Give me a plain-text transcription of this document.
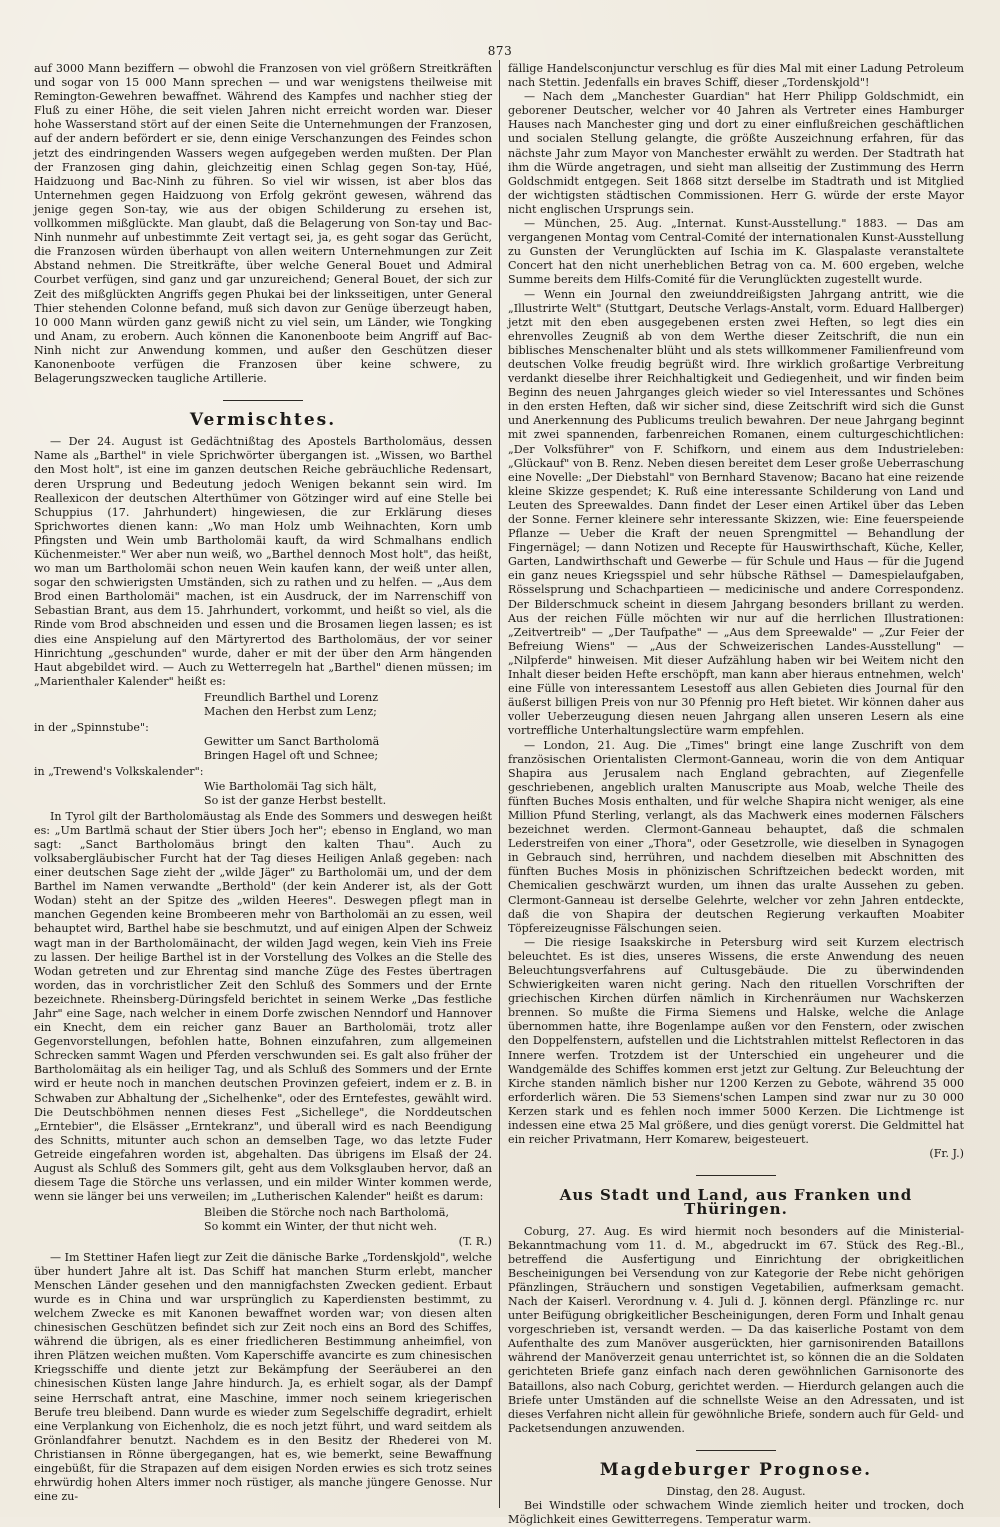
873

auf 3000 Mann beziffern — obwohl die Franzosen von viel größern Streitkräften und sogar von 15 000 Mann sprechen — und war wenigstens theilweise mit Remington-Gewehren bewaffnet. Während des Kampfes und nachher stieg der Fluß zu einer Höhe, die seit vielen Jahren nicht erreicht worden war. Dieser hohe Wasserstand stört auf der einen Seite die Unternehmungen der Franzosen, auf der andern befördert er sie, denn einige Verschanzungen des Feindes schon jetzt des eindringenden Wassers wegen aufgegeben werden mußten. Der Plan der Franzosen ging dahin, gleichzeitig einen Schlag gegen Son-tay, Hüé, Haidzuong und Bac-Ninh zu führen. So viel wir wissen, ist aber blos das Unternehmen gegen Haidzuong von Erfolg gekrönt gewesen, während das jenige gegen Son-tay, wie aus der obigen Schilderung zu ersehen ist, vollkommen mißglückte. Man glaubt, daß die Belagerung von Son-tay und Bac-Ninh nunmehr auf unbestimmte Zeit vertagt sei, ja, es geht sogar das Gerücht, die Franzosen würden überhaupt von allen weitern Unternehmungen zur Zeit Abstand nehmen. Die Streitkräfte, über welche General Bouet und Admiral Courbet verfügen, sind ganz und gar unzureichend; General Bouet, der sich zur Zeit des mißglückten Angriffs gegen Phukai bei der linksseitigen, unter General Thier stehenden Colonne befand, muß sich davon zur Genüge überzeugt haben, 10 000 Mann würden ganz gewiß nicht zu viel sein, um Länder, wie Tongking und Anam, zu erobern. Auch können die Kanonenboote beim Angriff auf Bac-Ninh nicht zur Anwendung kommen, und außer den Geschützen dieser Kanonenboote verfügen die Franzosen über keine schwere, zu Belagerungszwecken taugliche Artillerie.

Vermischtes.

— Der 24. August ist Gedächtnißtag des Apostels Bartholomäus, dessen Name als „Barthel" in viele Sprichwörter übergangen ist. „Wissen, wo Barthel den Most holt", ist eine im ganzen deutschen Reiche gebräuchliche Redensart, deren Ursprung und Bedeutung jedoch Wenigen bekannt sein wird. Im Reallexicon der deutschen Alterthümer von Götzinger wird auf eine Stelle bei Schuppius (17. Jahrhundert) hingewiesen, die zur Erklärung dieses Sprichwortes dienen kann: „Wo man Holz umb Weihnachten, Korn umb Pfingsten und Wein umb Bartholomäi kauft, da wird Schmalhans endlich Küchenmeister." Wer aber nun weiß, wo „Barthel dennoch Most holt", das heißt, wo man um Bartholomäi schon neuen Wein kaufen kann, der weiß unter allen, sogar den schwierigsten Umständen, sich zu rathen und zu helfen. — „Aus dem Brod einen Bartholomäi" machen, ist ein Ausdruck, der im Narrenschiff von Sebastian Brant, aus dem 15. Jahrhundert, vorkommt, und heißt so viel, als die Rinde vom Brod abschneiden und essen und die Brosamen liegen lassen; es ist dies eine Anspielung auf den Märtyrertod des Bartholomäus, der vor seiner Hinrichtung „geschunden" wurde, daher er mit der über den Arm hängenden Haut abgebildet wird. — Auch zu Wetterregeln hat „Barthel" dienen müssen; im „Marienthaler Kalender" heißt es:

Freundlich Barthel und Lorenz
Machen den Herbst zum Lenz;
in der „Spinnstube":
Gewitter um Sanct Bartholomä
Bringen Hagel oft und Schnee;
in „Trewend's Volkskalender":
Wie Bartholomäi Tag sich hält,
So ist der ganze Herbst bestellt.

In Tyrol gilt der Bartholomäustag als Ende des Sommers und deswegen heißt es: „Um Bartlmä schaut der Stier übers Joch her"; ebenso in England, wo man sagt: „Sanct Bartholomäus bringt den kalten Thau". Auch zu volksabergläubischer Furcht hat der Tag dieses Heiligen Anlaß gegeben: nach einer deutschen Sage zieht der „wilde Jäger" zu Bartholomäi um, und der dem Barthel im Namen verwandte „Berthold" (der kein Anderer ist, als der Gott Wodan) steht an der Spitze des „wilden Heeres". Deswegen pflegt man in manchen Gegenden keine Brombeeren mehr von Bartholomäi an zu essen, weil behauptet wird, Barthel habe sie beschmutzt, und auf einigen Alpen der Schweiz wagt man in der Bartholomäinacht, der wilden Jagd wegen, kein Vieh ins Freie zu lassen. Der heilige Barthel ist in der Vorstellung des Volkes an die Stelle des Wodan getreten und zur Ehrentag sind manche Züge des Festes übertragen worden, das in vorchristlicher Zeit den Schluß des Sommers und der Ernte bezeichnete. Rheinsberg-Düringsfeld berichtet in seinem Werke „Das festliche Jahr" eine Sage, nach welcher in einem Dorfe zwischen Nenndorf und Hannover ein Knecht, dem ein reicher ganz Bauer an Bartholomäi, trotz aller Gegenvorstellungen, befohlen hatte, Bohnen einzufahren, zum allgemeinen Schrecken sammt Wagen und Pferden verschwunden sei. Es galt also früher der Bartholomäitag als ein heiliger Tag, und als Schluß des Sommers und der Ernte wird er heute noch in manchen deutschen Provinzen gefeiert, indem er z. B. in Schwaben zur Abhaltung der „Sichelhenke", oder des Erntefestes, gewählt wird. Die Deutschböhmen nennen dieses Fest „Sichellege", die Norddeutschen „Erntebier", die Elsässer „Erntekranz", und überall wird es nach Beendigung des Schnitts, mitunter auch schon an demselben Tage, wo das letzte Fuder Getreide eingefahren worden ist, abgehalten. Das übrigens im Elsaß der 24. August als Schluß des Sommers gilt, geht aus dem Volksglauben hervor, daß an diesem Tage die Störche uns verlassen, und ein milder Winter kommen werde, wenn sie länger bei uns verweilen; im „Lutherischen Kalender" heißt es darum:

Bleiben die Störche noch nach Bartholomä,
So kommt ein Winter, der thut nicht weh.
(T. R.)

— Im Stettiner Hafen liegt zur Zeit die dänische Barke „Tordenskjold", welche über hundert Jahre alt ist. Das Schiff hat manchen Sturm erlebt, mancher Menschen Länder gesehen und den mannigfachsten Zwecken gedient. Erbaut wurde es in China und war ursprünglich zu Kaperdiensten bestimmt, zu welchem Zwecke es mit Kanonen bewaffnet worden war; von diesen alten chinesischen Geschützen befindet sich zur Zeit noch eins an Bord des Schiffes, während die übrigen, als es einer friedlicheren Bestimmung anheimfiel, von ihren Plätzen weichen mußten. Vom Kaperschiffe avancirte es zum chinesischen Kriegsschiffe und diente jetzt zur Bekämpfung der Seeräuberei an den chinesischen Küsten lange Jahre hindurch. Ja, es erhielt sogar, als der Dampf seine Herrschaft antrat, eine Maschine, immer noch seinem kriegerischen Berufe treu bleibend. Dann wurde es wieder zum Segelschiffe degradirt, erhielt eine Verplankung von Eichenholz, die es noch jetzt führt, und ward seitdem als Grönlandfahrer benutzt. Nachdem es in den Besitz der Rhederei von M. Christiansen in Rönne übergegangen, hat es, wie bemerkt, seine Bewaffnung eingebüßt, für die Strapazen auf dem eisigen Norden erwies es sich trotz seines ehrwürdig hohen Alters immer noch rüstiger, als manche jüngere Genosse. Nur eine zu-

fällige Handelsconjunctur verschlug es für dies Mal mit einer Ladung Petroleum nach Stettin. Jedenfalls ein braves Schiff, dieser „Tordenskjold"!

— Nach dem „Manchester Guardian" hat Herr Philipp Goldschmidt, ein geborener Deutscher, welcher vor 40 Jahren als Vertreter eines Hamburger Hauses nach Manchester ging und dort zu einer einflußreichen geschäftlichen und socialen Stellung gelangte, die größte Auszeichnung erfahren, für das nächste Jahr zum Mayor von Manchester erwählt zu werden. Der Stadtrath hat ihm die Würde angetragen, und sieht man allseitig der Zustimmung des Herrn Goldschmidt entgegen. Seit 1868 sitzt derselbe im Stadtrath und ist Mitglied der wichtigsten städtischen Commissionen. Herr G. würde der erste Mayor nicht englischen Ursprungs sein.

— München, 25. Aug. „Internat. Kunst-Ausstellung." 1883. — Das am vergangenen Montag vom Central-Comité der internationalen Kunst-Ausstellung zu Gunsten der Verunglückten auf Ischia im K. Glaspalaste veranstaltete Concert hat den nicht unerheblichen Betrag von ca. M. 600 ergeben, welche Summe bereits dem Hilfs-Comité für die Verunglückten zugestellt wurde.

— Wenn ein Journal den zweiunddreißigsten Jahrgang antritt, wie die „Illustrirte Welt" (Stuttgart, Deutsche Verlags-Anstalt, vorm. Eduard Hallberger) jetzt mit den eben ausgegebenen ersten zwei Heften, so legt dies ein ehrenvolles Zeugniß ab von dem Werthe dieser Zeitschrift, die nun ein biblisches Menschenalter blüht und als stets willkommener Familienfreund vom deutschen Volke freudig begrüßt wird. Ihre wirklich großartige Verbreitung verdankt dieselbe ihrer Reichhaltigkeit und Gediegenheit, und wir finden beim Beginn des neuen Jahrganges gleich wieder so viel Interessantes und Schönes in den ersten Heften, daß wir sicher sind, diese Zeitschrift wird sich die Gunst und Anerkennung des Publicums treulich bewahren. Der neue Jahrgang beginnt mit zwei spannenden, farbenreichen Romanen, einem culturgeschichtlichen: „Der Volksführer" von F. Schifkorn, und einem aus dem Industrieleben: „Glückauf" von B. Renz. Neben diesen bereitet dem Leser große Ueberraschung eine Novelle: „Der Diebstahl" von Bernhard Stavenow; Bacano hat eine reizende kleine Skizze gespendet; K. Ruß eine interessante Schilderung von Land und Leuten des Spreewaldes. Dann findet der Leser einen Artikel über das Leben der Sonne. Ferner kleinere sehr interessante Skizzen, wie: Eine feuerspeiende Pflanze — Ueber die Kraft der neuen Sprengmittel — Behandlung der Fingernägel; — dann Notizen und Recepte für Hauswirthschaft, Küche, Keller, Garten, Landwirthschaft und Gewerbe — für Schule und Haus — für die Jugend ein ganz neues Kriegsspiel und sehr hübsche Räthsel — Damespielaufgaben, Rösselsprung und Schachpartieen — medicinische und andere Correspondenz. Der Bilderschmuck scheint in diesem Jahrgang besonders brillant zu werden. Aus der reichen Fülle möchten wir nur auf die herrlichen Illustrationen: „Zeitvertreib" — „Der Taufpathe" — „Aus dem Spreewalde" — „Zur Feier der Befreiung Wiens" — „Aus der Schweizerischen Landes-Ausstellung" — „Nilpferde" hinweisen. Mit dieser Aufzählung haben wir bei Weitem nicht den Inhalt dieser beiden Hefte erschöpft, man kann aber hieraus entnehmen, welch' eine Fülle von interessantem Lesestoff aus allen Gebieten dies Journal für den äußerst billigen Preis von nur 30 Pfennig pro Heft bietet. Wir können daher aus voller Ueberzeugung diesen neuen Jahrgang allen unseren Lesern als eine vortreffliche Unterhaltungslectüre warm empfehlen.

— London, 21. Aug. Die „Times" bringt eine lange Zuschrift von dem französischen Orientalisten Clermont-Ganneau, worin die von dem Antiquar Shapira aus Jerusalem nach England gebrachten, auf Ziegenfelle geschriebenen, angeblich uralten Manuscripte aus Moab, welche Theile des fünften Buches Mosis enthalten, und für welche Shapira nicht weniger, als eine Million Pfund Sterling, verlangt, als das Machwerk eines modernen Fälschers bezeichnet werden. Clermont-Ganneau behauptet, daß die schmalen Lederstreifen von einer „Thora", oder Gesetzrolle, wie dieselben in Synagogen in Gebrauch sind, herrühren, und nachdem dieselben mit Abschnitten des fünften Buches Mosis in phönizischen Schriftzeichen bedeckt worden, mit Chemicalien geschwärzt wurden, um ihnen das uralte Aussehen zu geben. Clermont-Ganneau ist derselbe Gelehrte, welcher vor zehn Jahren entdeckte, daß die von Shapira der deutschen Regierung verkauften Moabiter Töpfereizeugnisse Fälschungen seien.

— Die riesige Isaakskirche in Petersburg wird seit Kurzem electrisch beleuchtet. Es ist dies, unseres Wissens, die erste Anwendung des neuen Beleuchtungsverfahrens auf Cultusgebäude. Die zu überwindenden Schwierigkeiten waren nicht gering. Nach den rituellen Vorschriften der griechischen Kirchen dürfen nämlich in Kirchenräumen nur Wachskerzen brennen. So mußte die Firma Siemens und Halske, welche die Anlage übernommen hatte, ihre Bogenlampe außen vor den Fenstern, oder zwischen den Doppelfenstern, aufstellen und die Lichtstrahlen mittelst Reflectoren in das Innere werfen. Trotzdem ist der Unterschied ein ungeheurer und die Wandgemälde des Schiffes kommen erst jetzt zur Geltung. Zur Beleuchtung der Kirche standen nämlich bisher nur 1200 Kerzen zu Gebote, während 35 000 erforderlich wären. Die 53 Siemens'schen Lampen sind zwar nur zu 30 000 Kerzen stark und es fehlen noch immer 5000 Kerzen. Die Lichtmenge ist indessen eine etwa 25 Mal größere, und dies genügt vorerst. Die Geldmittel hat ein reicher Privatmann, Herr Komarew, beigesteuert.

(Fr. J.)

Aus Stadt und Land, aus Franken und Thüringen.

Coburg, 27. Aug. Es wird hiermit noch besonders auf die Ministerial-Bekanntmachung vom 11. d. M., abgedruckt im 67. Stück des Reg.-Bl., betreffend die Ausfertigung und Einrichtung der obrigkeitlichen Bescheinigungen bei Versendung von zur Kategorie der Rebe nicht gehörigen Pfänzlingen, Sträuchern und sonstigen Vegetabilien, aufmerksam gemacht. Nach der Kaiserl. Verordnung v. 4. Juli d. J. können dergl. Pfänzlinge rc. nur unter Beifügung obrigkeitlicher Bescheinigungen, deren Form und Inhalt genau vorgeschrieben ist, versandt werden. — Da das kaiserliche Postamt von dem Aufenthalte des zum Manöver ausgerückten, hier garnisonirenden Bataillons während der Manöverzeit genau unterrichtet ist, so können die an die Soldaten gerichteten Briefe ganz einfach nach deren gewöhnlichen Garnisonorte des Bataillons, also nach Coburg, gerichtet werden. — Hierdurch gelangen auch die Briefe unter Umständen auf die schnellste Weise an den Adressaten, und ist dieses Verfahren nicht allein für gewöhnliche Briefe, sondern auch für Geld- und Packetsendungen anzuwenden.

Magdeburger Prognose.

Dinstag, den 28. August.

Bei Windstille oder schwachem Winde ziemlich heiter und trocken, doch Möglichkeit eines Gewitterregens. Temperatur warm.
